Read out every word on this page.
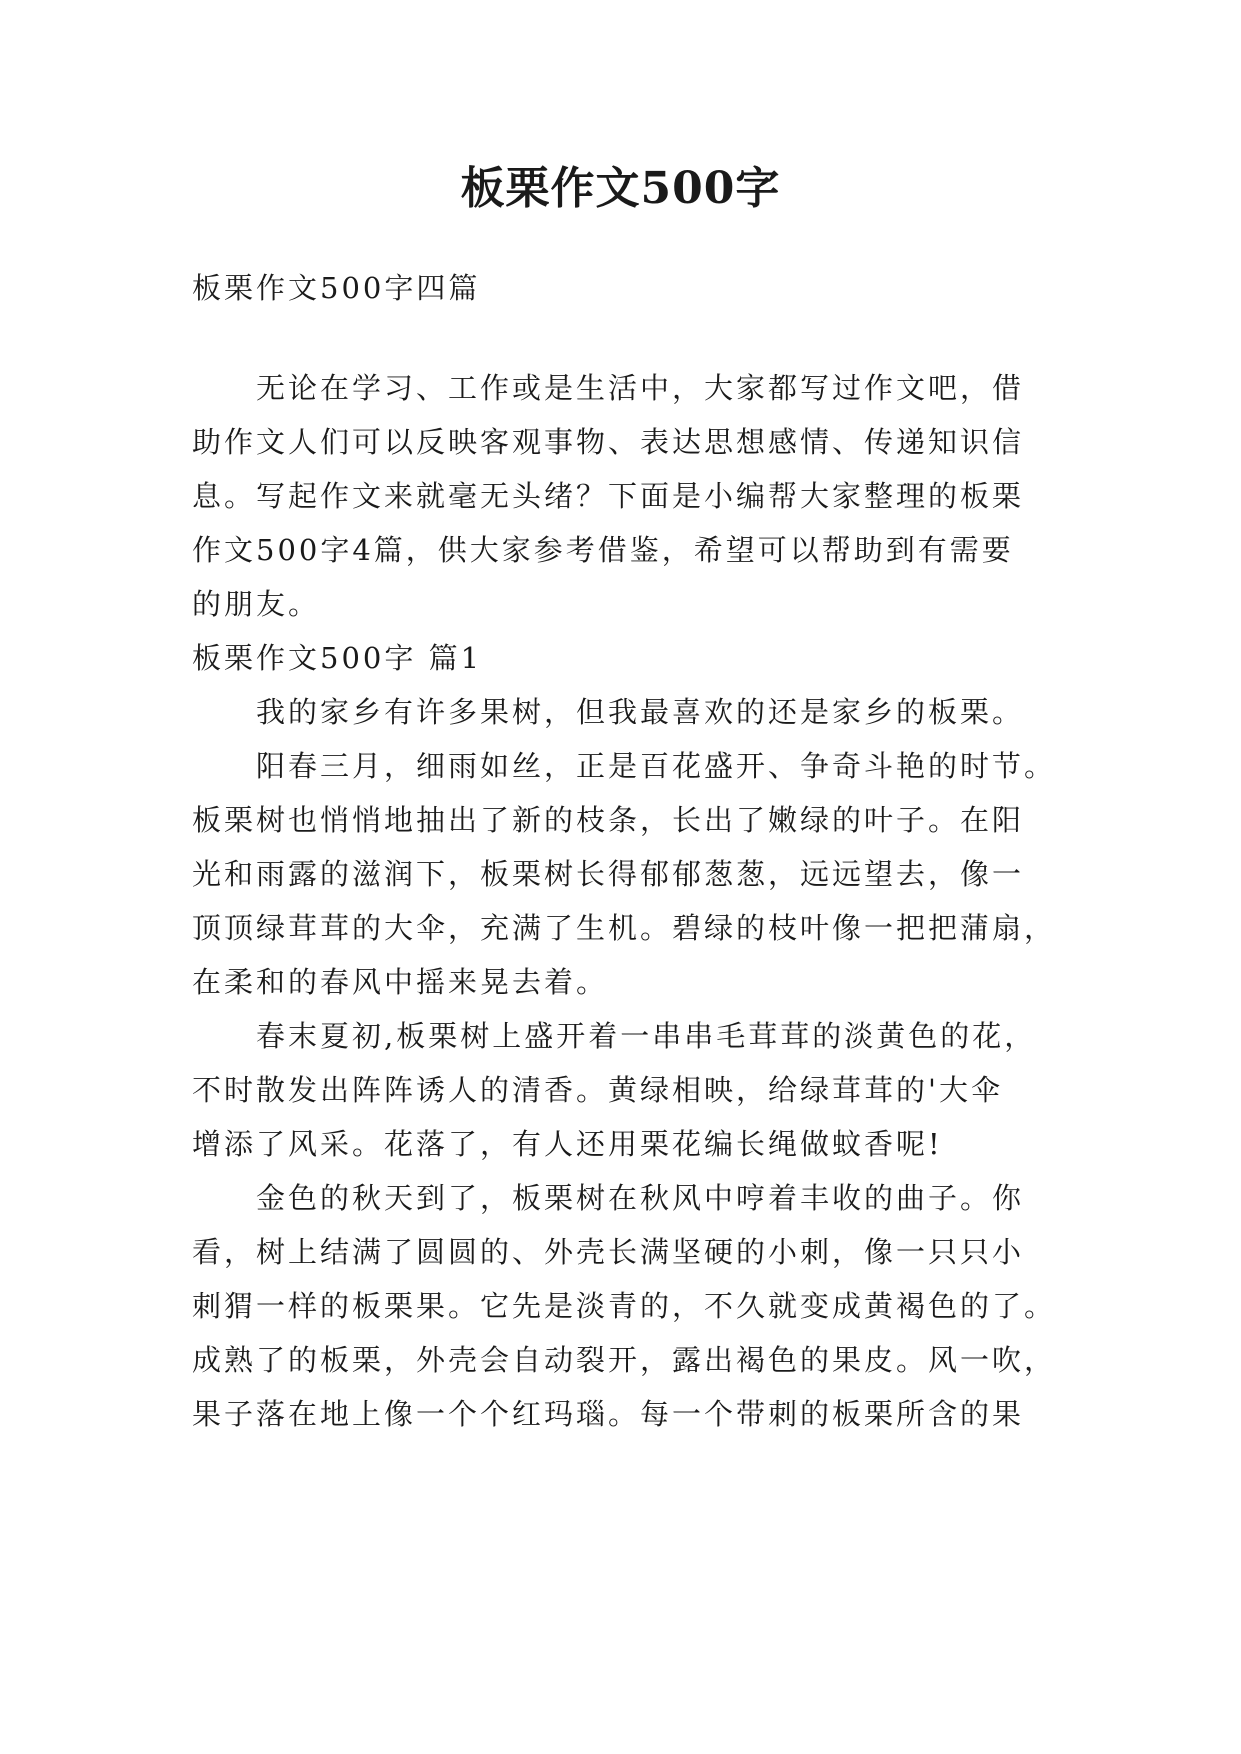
板栗作文500字
板栗作文500字四篇
无论在学习、工作或是生活中，大家都写过作文吧，借
助作文人们可以反映客观事物、表达思想感情、传递知识信
息。写起作文来就毫无头绪？下面是小编帮大家整理的板栗
作文500字4篇，供大家参考借鉴，希望可以帮助到有需要
的朋友。
板栗作文500字 篇1
我的家乡有许多果树，但我最喜欢的还是家乡的板栗。
阳春三月，细雨如丝，正是百花盛开、争奇斗艳的时节。
板栗树也悄悄地抽出了新的枝条，长出了嫩绿的叶子。在阳
光和雨露的滋润下，板栗树长得郁郁葱葱，远远望去，像一
顶顶绿茸茸的大伞，充满了生机。碧绿的枝叶像一把把蒲扇，
在柔和的春风中摇来晃去着。
春末夏初,板栗树上盛开着一串串毛茸茸的淡黄色的花，
不时散发出阵阵诱人的清香。黄绿相映，给绿茸茸的'大伞
增添了风采。花落了，有人还用栗花编长绳做蚊香呢!
金色的秋天到了，板栗树在秋风中哼着丰收的曲子。你
看，树上结满了圆圆的、外壳长满坚硬的小刺，像一只只小
刺猬一样的板栗果。它先是淡青的，不久就变成黄褐色的了。
成熟了的板栗，外壳会自动裂开，露出褐色的果皮。风一吹，
果子落在地上像一个个红玛瑙。每一个带刺的板栗所含的果
